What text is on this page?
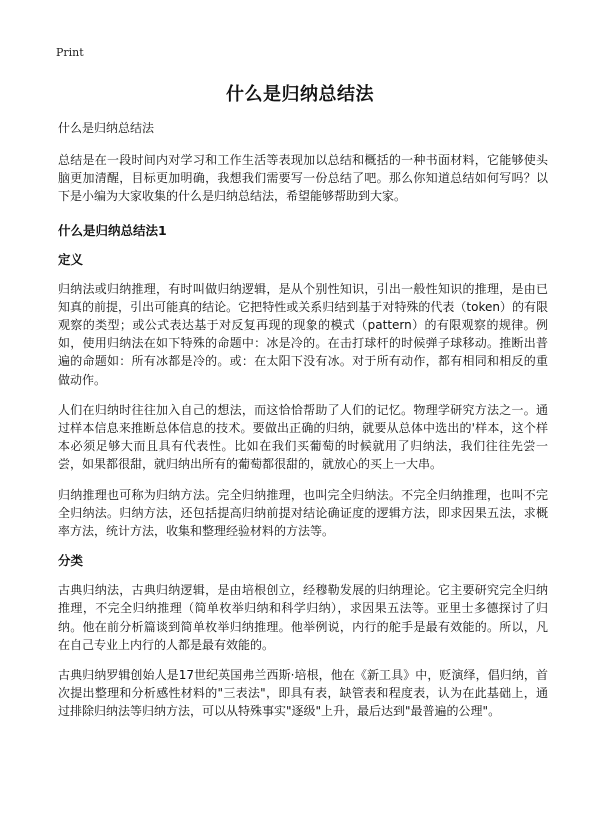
Print
什么是归纳总结法
什么是归纳总结法

总结是在一段时间内对学习和工作生活等表现加以总结和概括的一种书面材料，它能够使头脑更加清醒，目标更加明确，我想我们需要写一份总结了吧。那么你知道总结如何写吗？以下是小编为大家收集的什么是归纳总结法，希望能够帮助到大家。

什么是归纳总结法1
定义

归纳法或归纳推理，有时叫做归纳逻辑，是从个别性知识，引出一般性知识的推理，是由已知真的前提，引出可能真的结论。它把特性或关系归结到基于对特殊的代表（token）的有限观察的类型；或公式表达基于对反复再现的现象的模式（pattern）的有限观察的规律。例如，使用归纳法在如下特殊的命题中：冰是冷的。在击打球杆的时候弹子球移动。推断出普遍的命题如：所有冰都是冷的。或：在太阳下没有冰。对于所有动作，都有相同和相反的重做动作。

人们在归纳时往往加入自己的想法，而这恰恰帮助了人们的记忆。物理学研究方法之一。通过样本信息来推断总体信息的技术。要做出正确的归纳，就要从总体中选出的'样本，这个样本必须足够大而且具有代表性。比如在我们买葡萄的时候就用了归纳法，我们往往先尝一尝，如果都很甜，就归纳出所有的葡萄都很甜的，就放心的买上一大串。

归纳推理也可称为归纳方法。完全归纳推理，也叫完全归纳法。不完全归纳推理，也叫不完全归纳法。归纳方法，还包括提高归纳前提对结论确证度的逻辑方法，即求因果五法，求概率方法，统计方法，收集和整理经验材料的方法等。

分类

古典归纳法，古典归纳逻辑，是由培根创立，经穆勒发展的归纳理论。它主要研究完全归纳推理，不完全归纳推理（简单枚举归纳和科学归纳），求因果五法等。亚里士多德探讨了归纳。他在前分析篇谈到简单枚举归纳推理。他举例说，内行的舵手是最有效能的。所以，凡在自己专业上内行的人都是最有效能的。

古典归纳罗辑创始人是17世纪英国弗兰西斯·培根，他在《新工具》中，贬演绎，倡归纳，首次提出整理和分析感性材料的"三表法"，即具有表，缺管表和程度表，认为在此基础上，通过排除归纳法等归纳方法，可以从特殊事实"逐级"上升，最后达到"最普遍的公理"。
